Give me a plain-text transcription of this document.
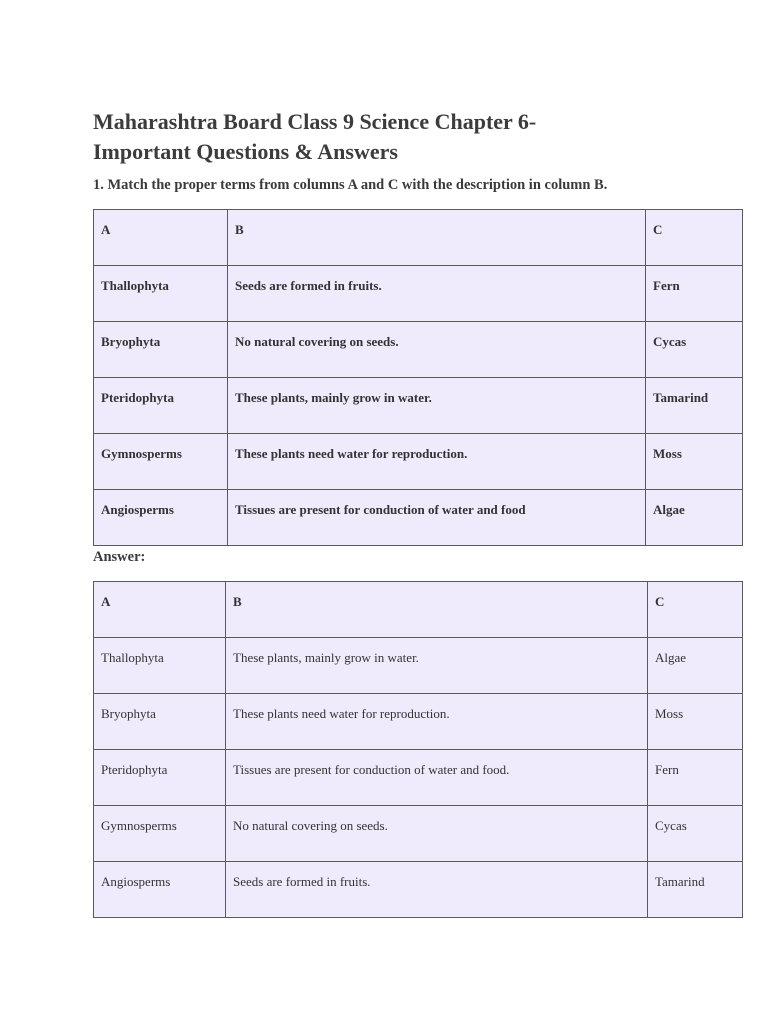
Maharashtra Board Class 9 Science Chapter 6-
Important Questions & Answers

1. Match the proper terms from columns A and C with the description in column B.

A	B	C
Thallophyta	Seeds are formed in fruits.	Fern
Bryophyta	No natural covering on seeds.	Cycas
Pteridophyta	These plants, mainly grow in water.	Tamarind
Gymnosperms	These plants need water for reproduction.	Moss
Angiosperms	Tissues are present for conduction of water and food	Algae

Answer:

A	B	C
Thallophyta	These plants, mainly grow in water.	Algae
Bryophyta	These plants need water for reproduction.	Moss
Pteridophyta	Tissues are present for conduction of water and food.	Fern
Gymnosperms	No natural covering on seeds.	Cycas
Angiosperms	Seeds are formed in fruits.	Tamarind
